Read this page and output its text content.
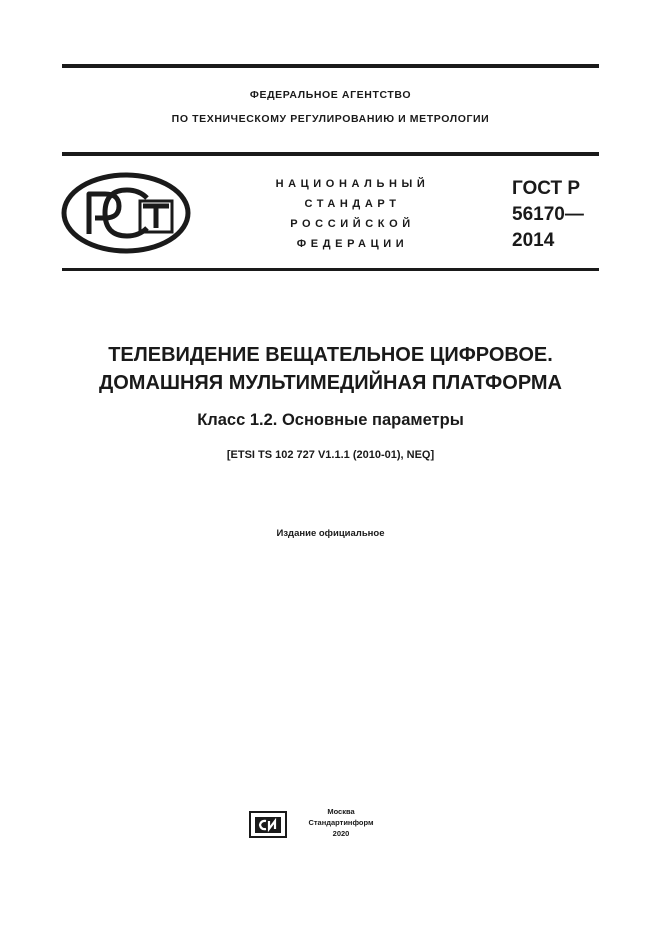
ФЕДЕРАЛЬНОЕ АГЕНТСТВО
ПО ТЕХНИЧЕСКОМУ РЕГУЛИРОВАНИЮ И МЕТРОЛОГИИ
НАЦИОНАЛЬНЫЙ
СТАНДАРТ
РОССИЙСКОЙ
ФЕДЕРАЦИИ
ГОСТ Р
56170—
2014
ТЕЛЕВИДЕНИЕ ВЕЩАТЕЛЬНОЕ ЦИФРОВОЕ.
ДОМАШНЯЯ МУЛЬТИМЕДИЙНАЯ ПЛАТФОРМА
Класс 1.2. Основные параметры
[ETSI TS 102 727 V1.1.1 (2010-01), NEQ]
Издание официальное
Москва
Стандартинформ
2020
